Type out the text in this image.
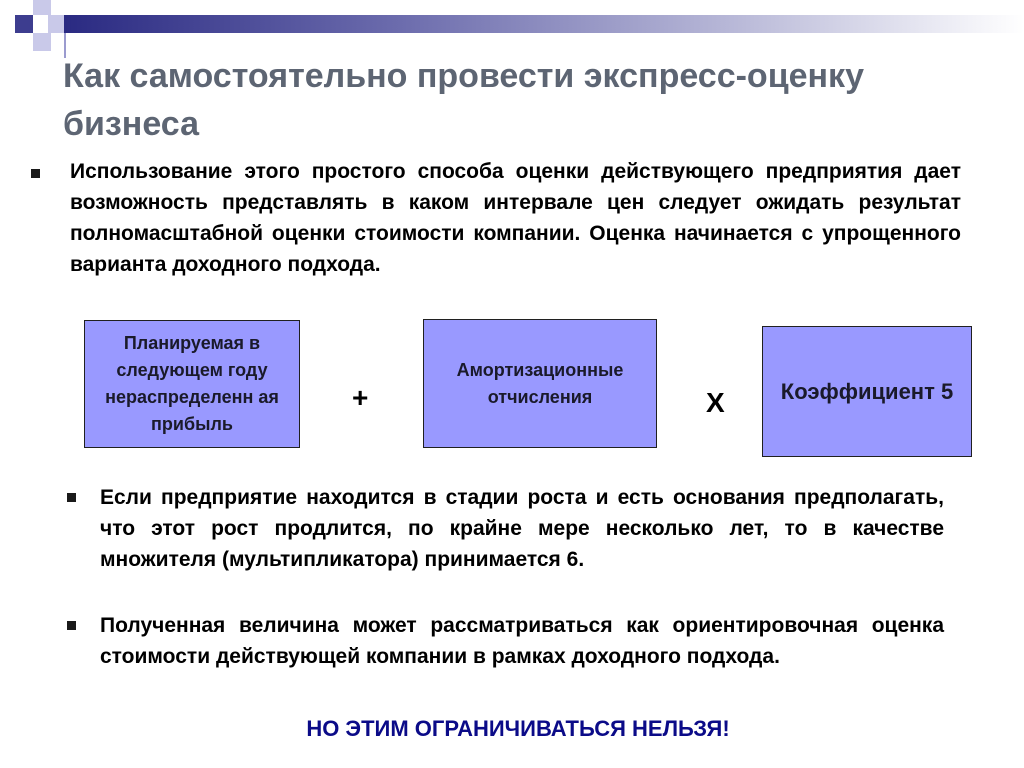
Как самостоятельно провести экспресс-оценку бизнеса

Использование этого простого способа оценки действующего предприятия дает возможность представлять в каком интервале цен следует ожидать результат полномасштабной оценки стоимости компании. Оценка начинается с упрощенного варианта доходного подхода.

Планируемая в следующем году нераспределенн ая прибыль
+
Амортизационные отчисления	Х	Коэффициент 5

Если предприятие находится в стадии роста и есть основания предполагать, что этот рост продлится, по крайне мере несколько лет, то в качестве множителя (мультипликатора) принимается 6.

Полученная величина может рассматриваться как ориентировочная оценка стоимости действующей компании в рамках доходного подхода.

НО ЭТИМ ОГРАНИЧИВАТЬСЯ НЕЛЬЗЯ!
